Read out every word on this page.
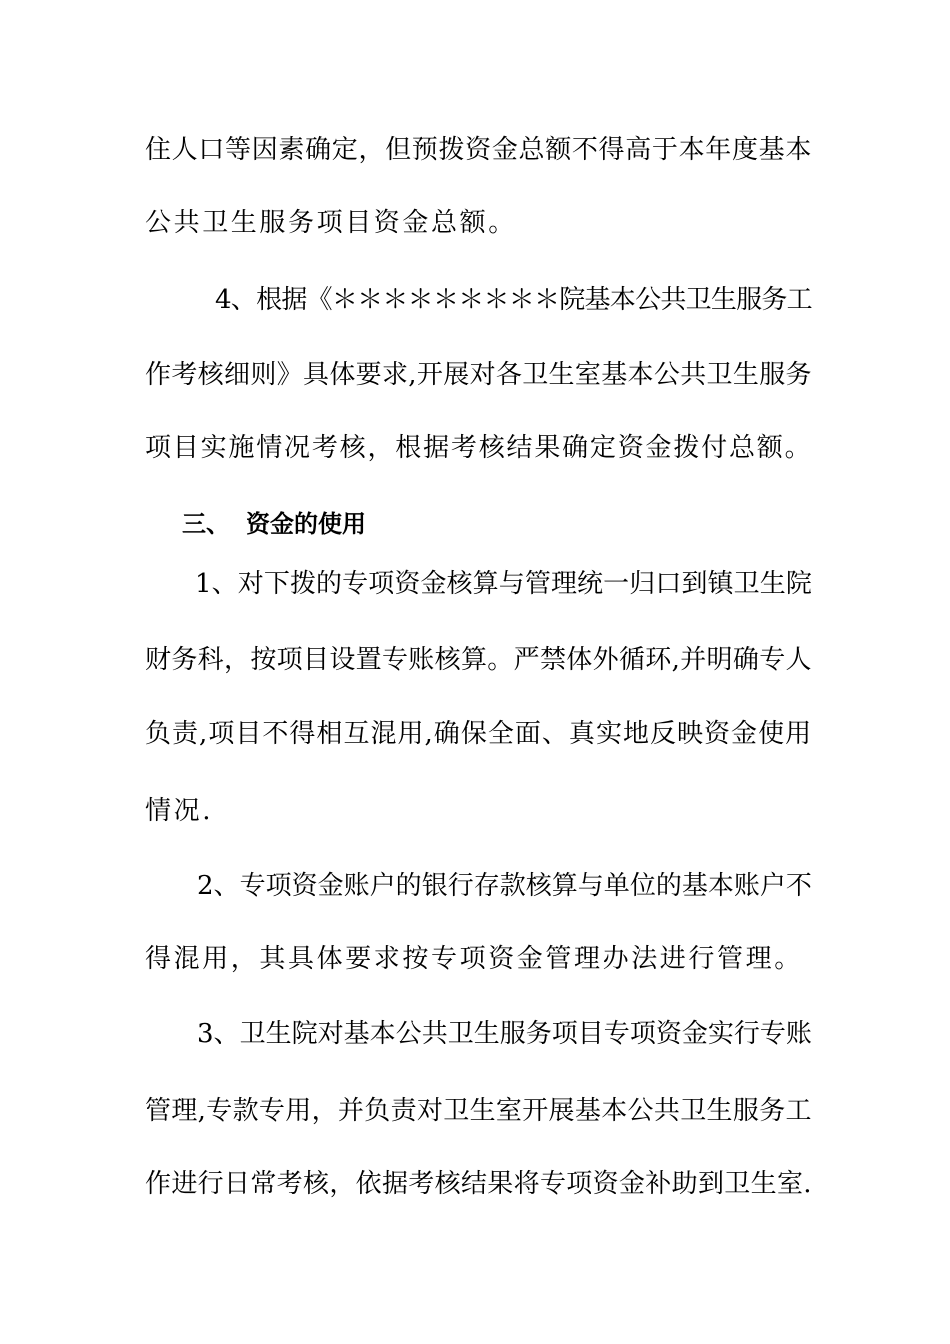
住人口等因素确定，但预拨资金总额不得高于本年度基本
公共卫生服务项目资金总额。
4、根据《＊＊＊＊＊＊＊＊＊院基本公共卫生服务工
作考核细则》具体要求,开展对各卫生室基本公共卫生服务
项目实施情况考核，根据考核结果确定资金拨付总额。
三、 资金的使用
1、对下拨的专项资金核算与管理统一归口到镇卫生院
财务科，按项目设置专账核算。严禁体外循环,并明确专人
负责,项目不得相互混用,确保全面、真实地反映资金使用
情况.
2、专项资金账户的银行存款核算与单位的基本账户不
得混用，其具体要求按专项资金管理办法进行管理。
3、卫生院对基本公共卫生服务项目专项资金实行专账
管理,专款专用，并负责对卫生室开展基本公共卫生服务工
作进行日常考核，依据考核结果将专项资金补助到卫生室.
